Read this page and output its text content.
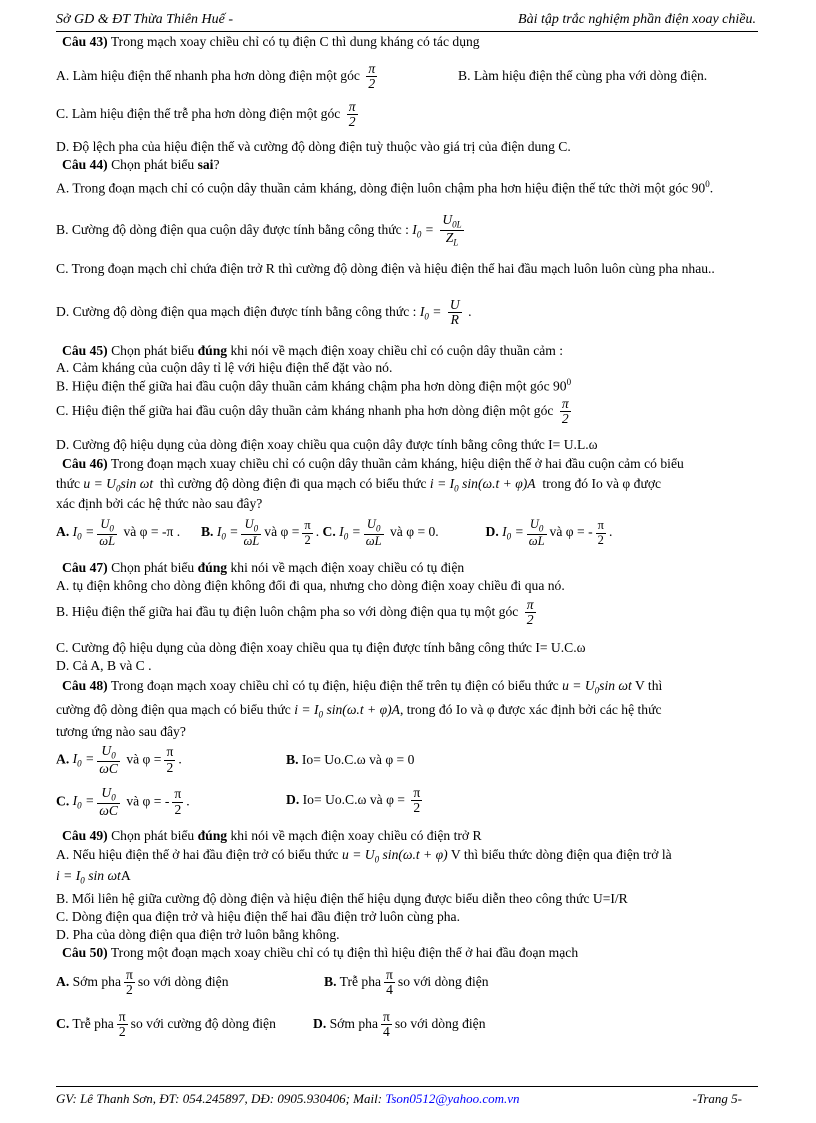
Sở GD & ĐT Thừa Thiên Huế -	Bài tập trắc nghiệm phần điện xoay chiều.
Câu 43) Trong mạch xoay chiều chỉ có tụ điện C thì dung kháng có tác dụng
A. Làm hiệu điện thế nhanh pha hơn dòng điện một góc $\frac{\pi}{2}$	B. Làm hiệu điện thế cùng pha với dòng điện.
C. Làm hiệu điện thế trễ pha hơn dòng điện một góc $\frac{\pi}{2}$
D. Độ lệch pha của hiệu điện thế và cường độ dòng điện tuỳ thuộc vào giá trị của điện dung C.
Câu 44) Chọn phát biểu sai?
A. Trong đoạn mạch chỉ có cuộn dây thuần cảm kháng, dòng điện luôn chậm pha hơn hiệu điện thế tức thời một góc $90^0$.
B. Cường độ dòng điện qua cuộn dây được tính bằng công thức : $I_0 = \frac{U_{0L}}{Z_L}$
C. Trong đoạn mạch chỉ chứa điện trở R thì cường độ dòng điện và hiệu điện thế hai đầu mạch luôn luôn cùng pha nhau..
D. Cường độ dòng điện qua mạch điện được tính bằng công thức : $I_0 = \frac{U}{R}$ .
Câu 45) Chọn phát biểu đúng khi nói về mạch điện xoay chiều chỉ có cuộn dây thuần cảm :
A. Cảm kháng của cuộn dây tỉ lệ với hiệu điện thế đặt vào nó.
B. Hiệu điện thế giữa hai đầu cuộn dây thuần cảm kháng chậm pha hơn dòng điện một góc $90^0$
C. Hiệu điện thế giữa hai đầu cuộn dây thuần cảm kháng nhanh pha hơn dòng điện một góc $\frac{\pi}{2}$
D. Cường độ hiệu dụng của dòng điện xoay chiều qua cuộn dây được tính bằng công thức I= U.L.ω
Câu 46) Trong đoạn mạch xuay chiều chỉ có cuộn dây thuần cảm kháng, hiệu diện thế ở hai đầu cuộn cảm có biểu
thức $u = U_0\sin$ ωt thì cường độ dòng điện đi qua mạch có biểu thức $i = I_0$ sin(ω.t + φ)A trong đó Io và φ được
xác định bởi các hệ thức nào sau đây?
A. $I_0 = \frac{U_0}{\omega L}$ và φ = -π . B. $I_0 = \frac{U_0}{\omega L}$ và $\varphi = \frac{\pi}{2}$ . C. $I_0 = \frac{U_0}{\omega L}$ và φ = 0.	D. $I_0 = \frac{U_0}{\omega L}$ và φ = - $\frac{\pi}{2}$ .
Câu 47) Chọn phát biểu đúng khi nói về mạch điện xoay chiều có tụ điện
A. tụ điện không cho dòng điện không đổi đi qua, nhưng cho dòng điện xoay chiều đi qua nó.
B. Hiệu điện thế giữa hai đầu tụ điện luôn chậm pha so với dòng điện qua tụ một góc $\frac{\pi}{2}$
C. Cường độ hiệu dụng của dòng điện xoay chiều qua tụ điện được tính bằng công thức I= U.C.ω
D. Cả A, B và C .
Câu 48) Trong đoạn mạch xoay chiều chỉ có tụ điện, hiệu điện thế trên tụ điện có biểu thức $u = U_0\sin$ ωt V thì
cường độ dòng điện qua mạch có biểu thức $i = I_0$ sin(ω.t + φ)A, trong đó Io và φ được xác định bởi các hệ thức
tương ứng nào sau đây?
A. $I_0 = \frac{U_0}{\omega C}$ và $\varphi = \frac{\pi}{2}$ .	B. Io= Uo.C.ω và φ = 0
C. $I_0 = \frac{U_0}{\omega C}$ và φ = - $\frac{\pi}{2}$ .	D. Io= Uo.C.ω và $\varphi = \frac{\pi}{2}$
Câu 49) Chọn phát biểu đúng khi nói về mạch điện xoay chiều có điện trở R
A. Nếu hiệu điện thế ở hai đầu điện trở có biểu thức $u = U_0$ sin(ω.t + φ) V thì biểu thức dòng điện qua điện trở là
$i = I_0$ sin ωtA
B. Mối liên hệ giữa cường độ dòng điện và hiệu điện thế hiệu dụng được biểu diễn theo công thức U=I/R
C. Dòng điện qua điện trở và hiệu điện thế hai đầu điện trở luôn cùng pha.
D. Pha của dòng điện qua điện trở luôn bằng không.
Câu 50) Trong một đoạn mạch xoay chiều chỉ có tụ điện thì hiệu điện thế ở hai đầu đoạn mạch
A. Sớm pha $\frac{\pi}{2}$ so với dòng điện	B. Trễ pha $\frac{\pi}{4}$ so với dòng điện
C. Trễ pha $\frac{\pi}{2}$ so với cường độ dòng điện	D. Sớm pha $\frac{\pi}{4}$ so với dòng điện
GV: Lê Thanh Sơn, ĐT: 054.245897, DĐ: 0905.930406; Mail: Tson0512@yahoo.com.vn	-Trang 5-
